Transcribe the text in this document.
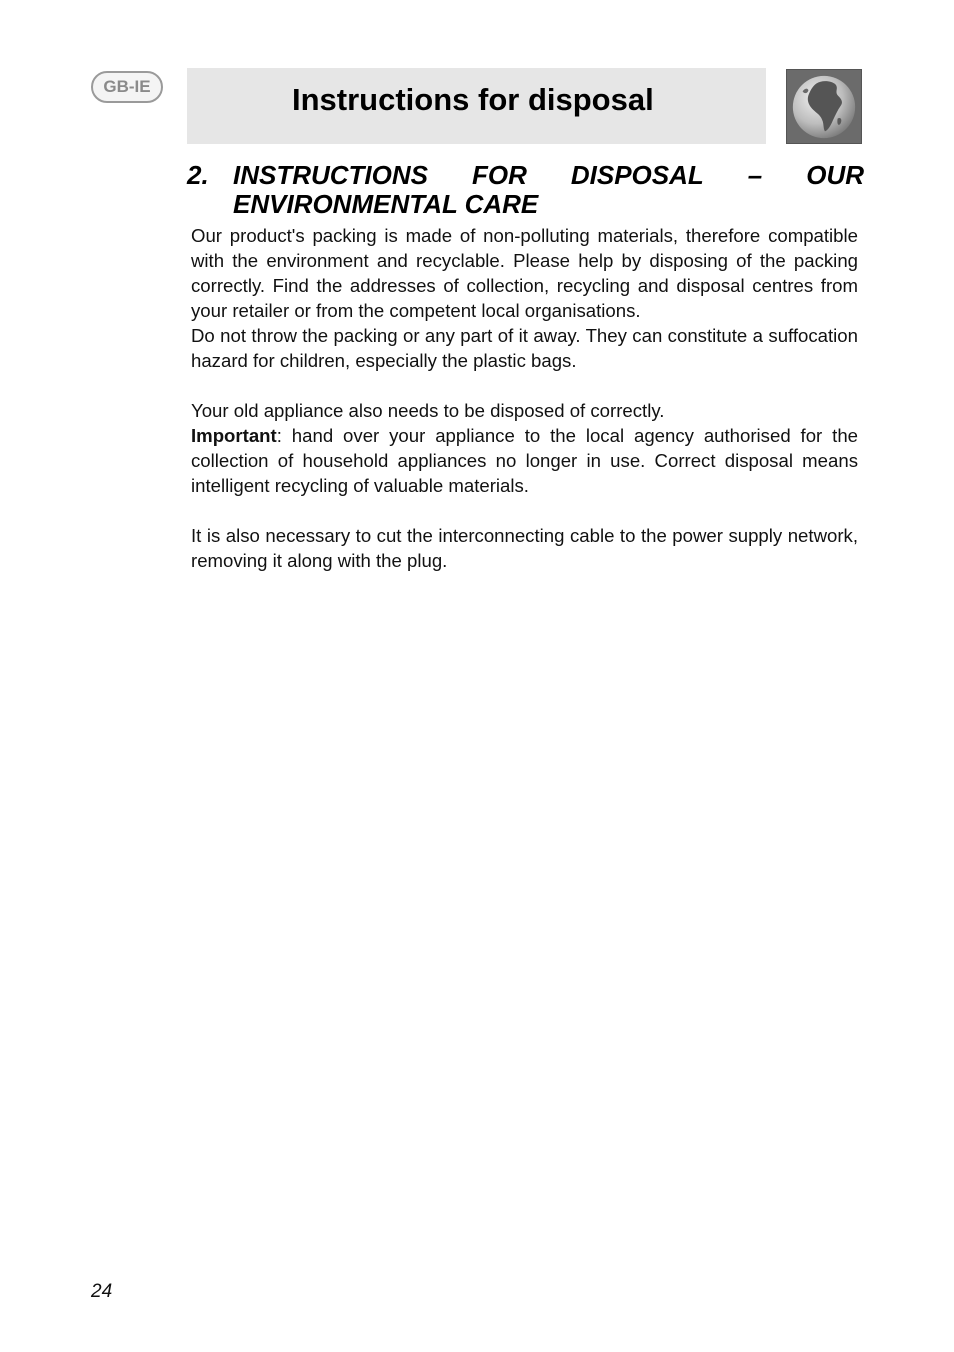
GB-IE	Instructions for disposal
2. INSTRUCTIONS FOR DISPOSAL – OUR
ENVIRONMENTAL CARE

Our product's packing is made of non-polluting materials, therefore compatible with the environment and recyclable. Please help by disposing of the packing correctly. Find the addresses of collection, recycling and disposal centres from your retailer or from the competent local organisations.

Do not throw the packing or any part of it away. They can constitute a suffocation hazard for children, especially the plastic bags.

Your old appliance also needs to be disposed of correctly.

Important: hand over your appliance to the local agency authorised for the collection of household appliances no longer in use. Correct disposal means intelligent recycling of valuable materials.

It is also necessary to cut the interconnecting cable to the power supply network, removing it along with the plug.

24
